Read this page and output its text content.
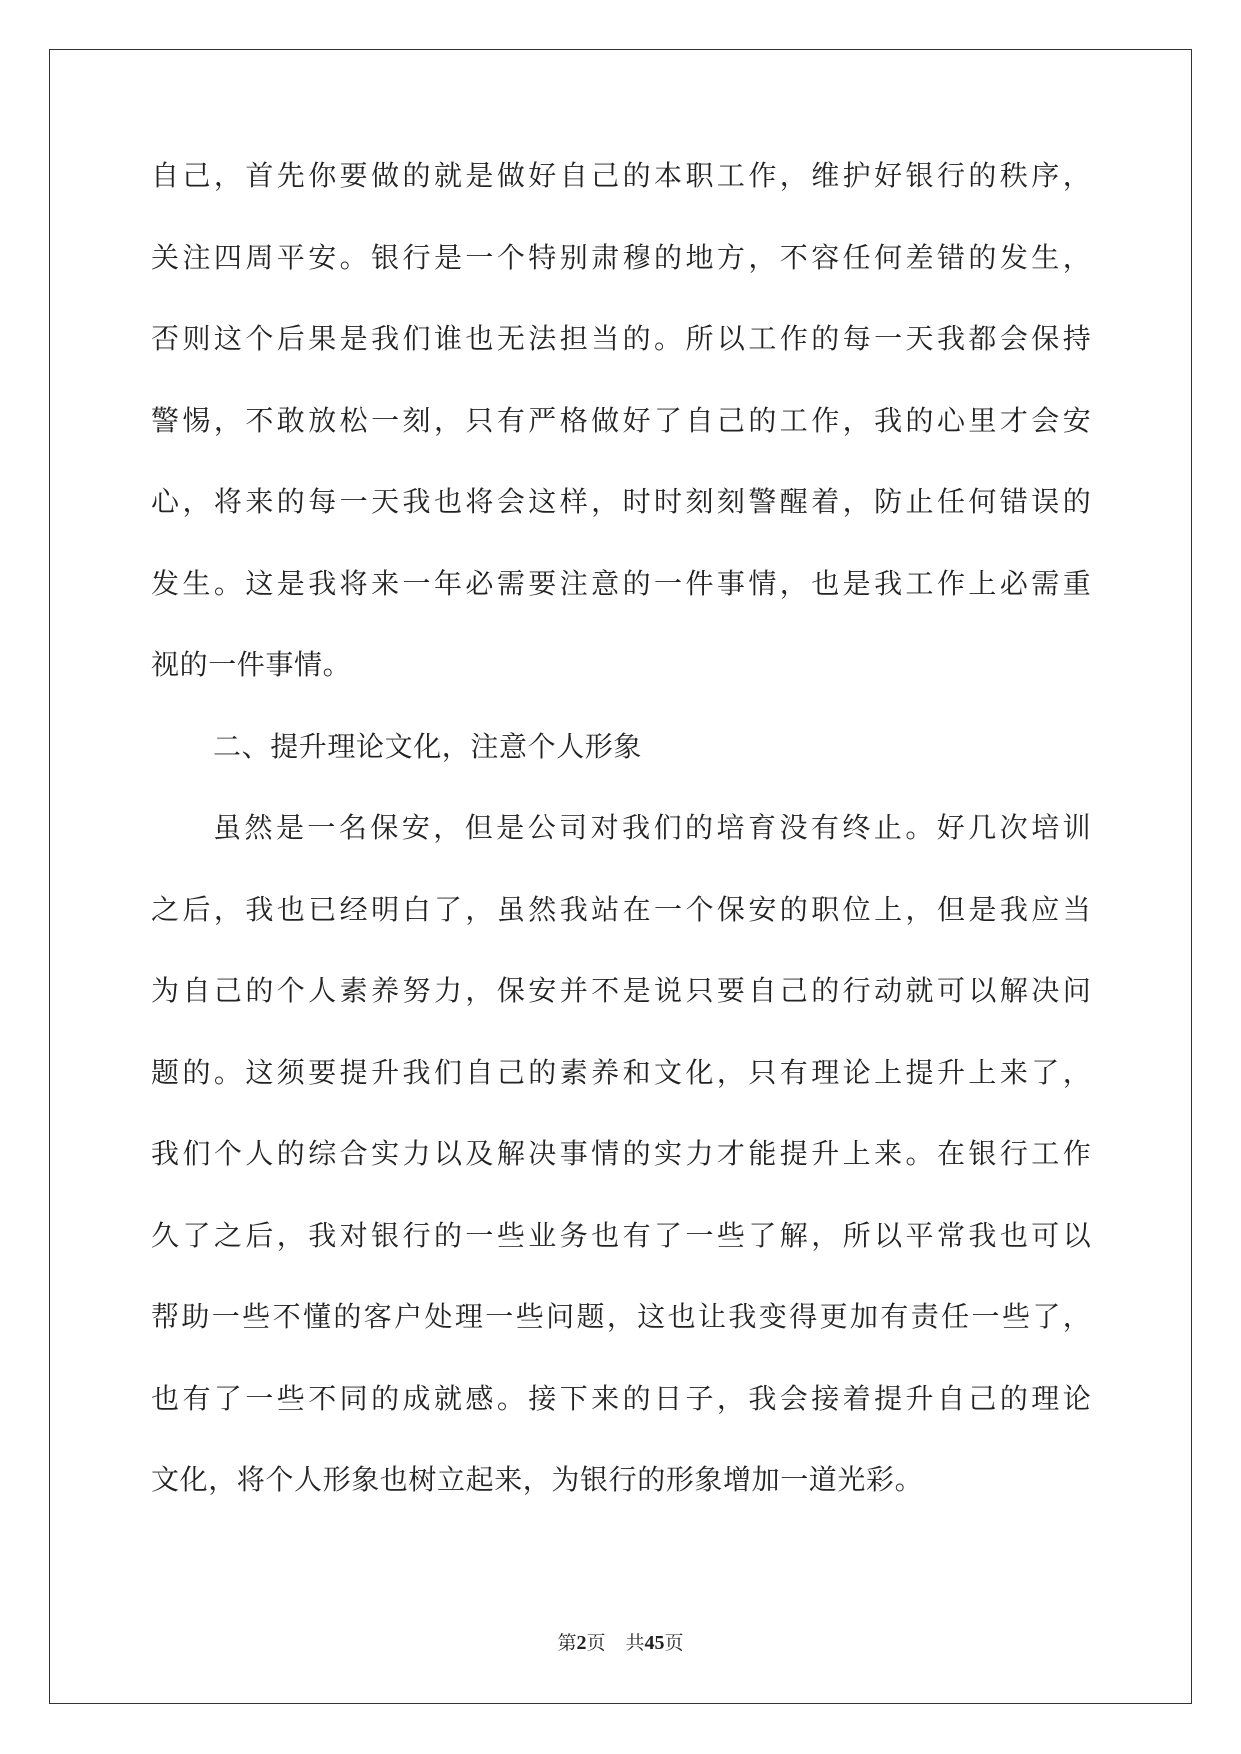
自 己 ， 首 先 你 要 做 的 就 是 做 好 自 己 的 本 职 工 作 ， 维 护 好 银 行 的 秩 序 ，
关 注 四 周 平 安 。 银 行 是 一 个 特 别 肃 穆 的 地 方 ， 不 容 任 何 差 错 的 发 生 ，
否 则 这 个 后 果 是 我 们 谁 也 无 法 担 当 的 。 所 以 工 作 的 每 一 天 我 都 会 保 持
警 惕 ， 不 敢 放 松 一 刻 ， 只 有 严 格 做 好 了 自 己 的 工 作 ， 我 的 心 里 才 会 安
心 ， 将 来 的 每 一 天 我 也 将 会 这 样 ， 时 时 刻 刻 警 醒 着 ， 防 止 任 何 错 误 的
发 生 。 这 是 我 将 来 一 年 必 需 要 注 意 的 一 件 事 情 ， 也 是 我 工 作 上 必 需 重
视的一件事情。
二、提升理论文化，注意个人形象
虽 然 是 一 名 保 安 ， 但 是 公 司 对 我 们 的 培 育 没 有 终 止 。 好 几 次 培 训
之 后 ， 我 也 已 经 明 白 了 ， 虽 然 我 站 在 一 个 保 安 的 职 位 上 ， 但 是 我 应 当
为 自 己 的 个 人 素 养 努 力 ， 保 安 并 不 是 说 只 要 自 己 的 行 动 就 可 以 解 决 问
题 的 。 这 须 要 提 升 我 们 自 己 的 素 养 和 文 化 ， 只 有 理 论 上 提 升 上 来 了 ，
我 们 个 人 的 综 合 实 力 以 及 解 决 事 情 的 实 力 才 能 提 升 上 来 。 在 银 行 工 作
久 了 之 后 ， 我 对 银 行 的 一 些 业 务 也 有 了 一 些 了 解 ， 所 以 平 常 我 也 可 以
帮 助 一 些 不 懂 的 客 户 处 理 一 些 问 题 ， 这 也 让 我 变 得 更 加 有 责 任 一 些 了 ，
也 有 了 一 些 不 同 的 成 就 感 。 接 下 来 的 日 子 ， 我 会 接 着 提 升 自 己 的 理 论
文化，将个人形象也树立起来，为银行的形象增加一道光彩。
第2页 共45页
